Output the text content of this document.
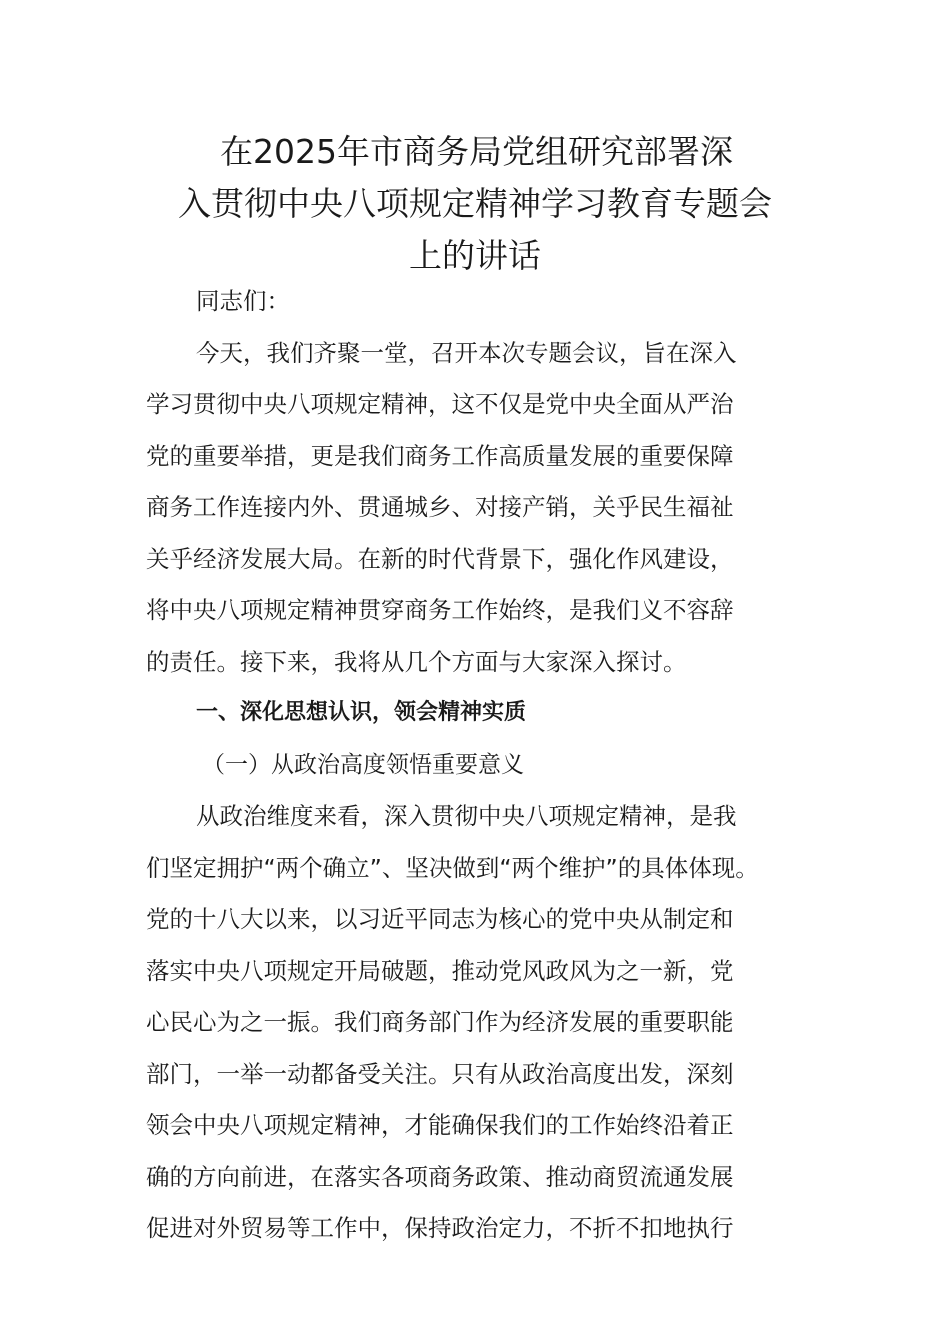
在2025年市商务局党组研究部署深
入贯彻中央八项规定精神学习教育专题会
上的讲话
同志们：
今天，我们齐聚一堂，召开本次专题会议，旨在深入
学习贯彻中央八项规定精神，这不仅是党中央全面从严治
党的重要举措，更是我们商务工作高质量发展的重要保障
商务工作连接内外、贯通城乡、对接产销，关乎民生福祉
关乎经济发展大局。在新的时代背景下，强化作风建设，
将中央八项规定精神贯穿商务工作始终，是我们义不容辞
的责任。接下来，我将从几个方面与大家深入探讨。
一、深化思想认识，领会精神实质
（一）从政治高度领悟重要意义
从政治维度来看，深入贯彻中央八项规定精神，是我
们坚定拥护“两个确立”、坚决做到“两个维护”的具体体现。
党的十八大以来，以习近平同志为核心的党中央从制定和
落实中央八项规定开局破题，推动党风政风为之一新，党
心民心为之一振。我们商务部门作为经济发展的重要职能
部门，一举一动都备受关注。只有从政治高度出发，深刻
领会中央八项规定精神，才能确保我们的工作始终沿着正
确的方向前进，在落实各项商务政策、推动商贸流通发展
促进对外贸易等工作中，保持政治定力，不折不扣地执行
